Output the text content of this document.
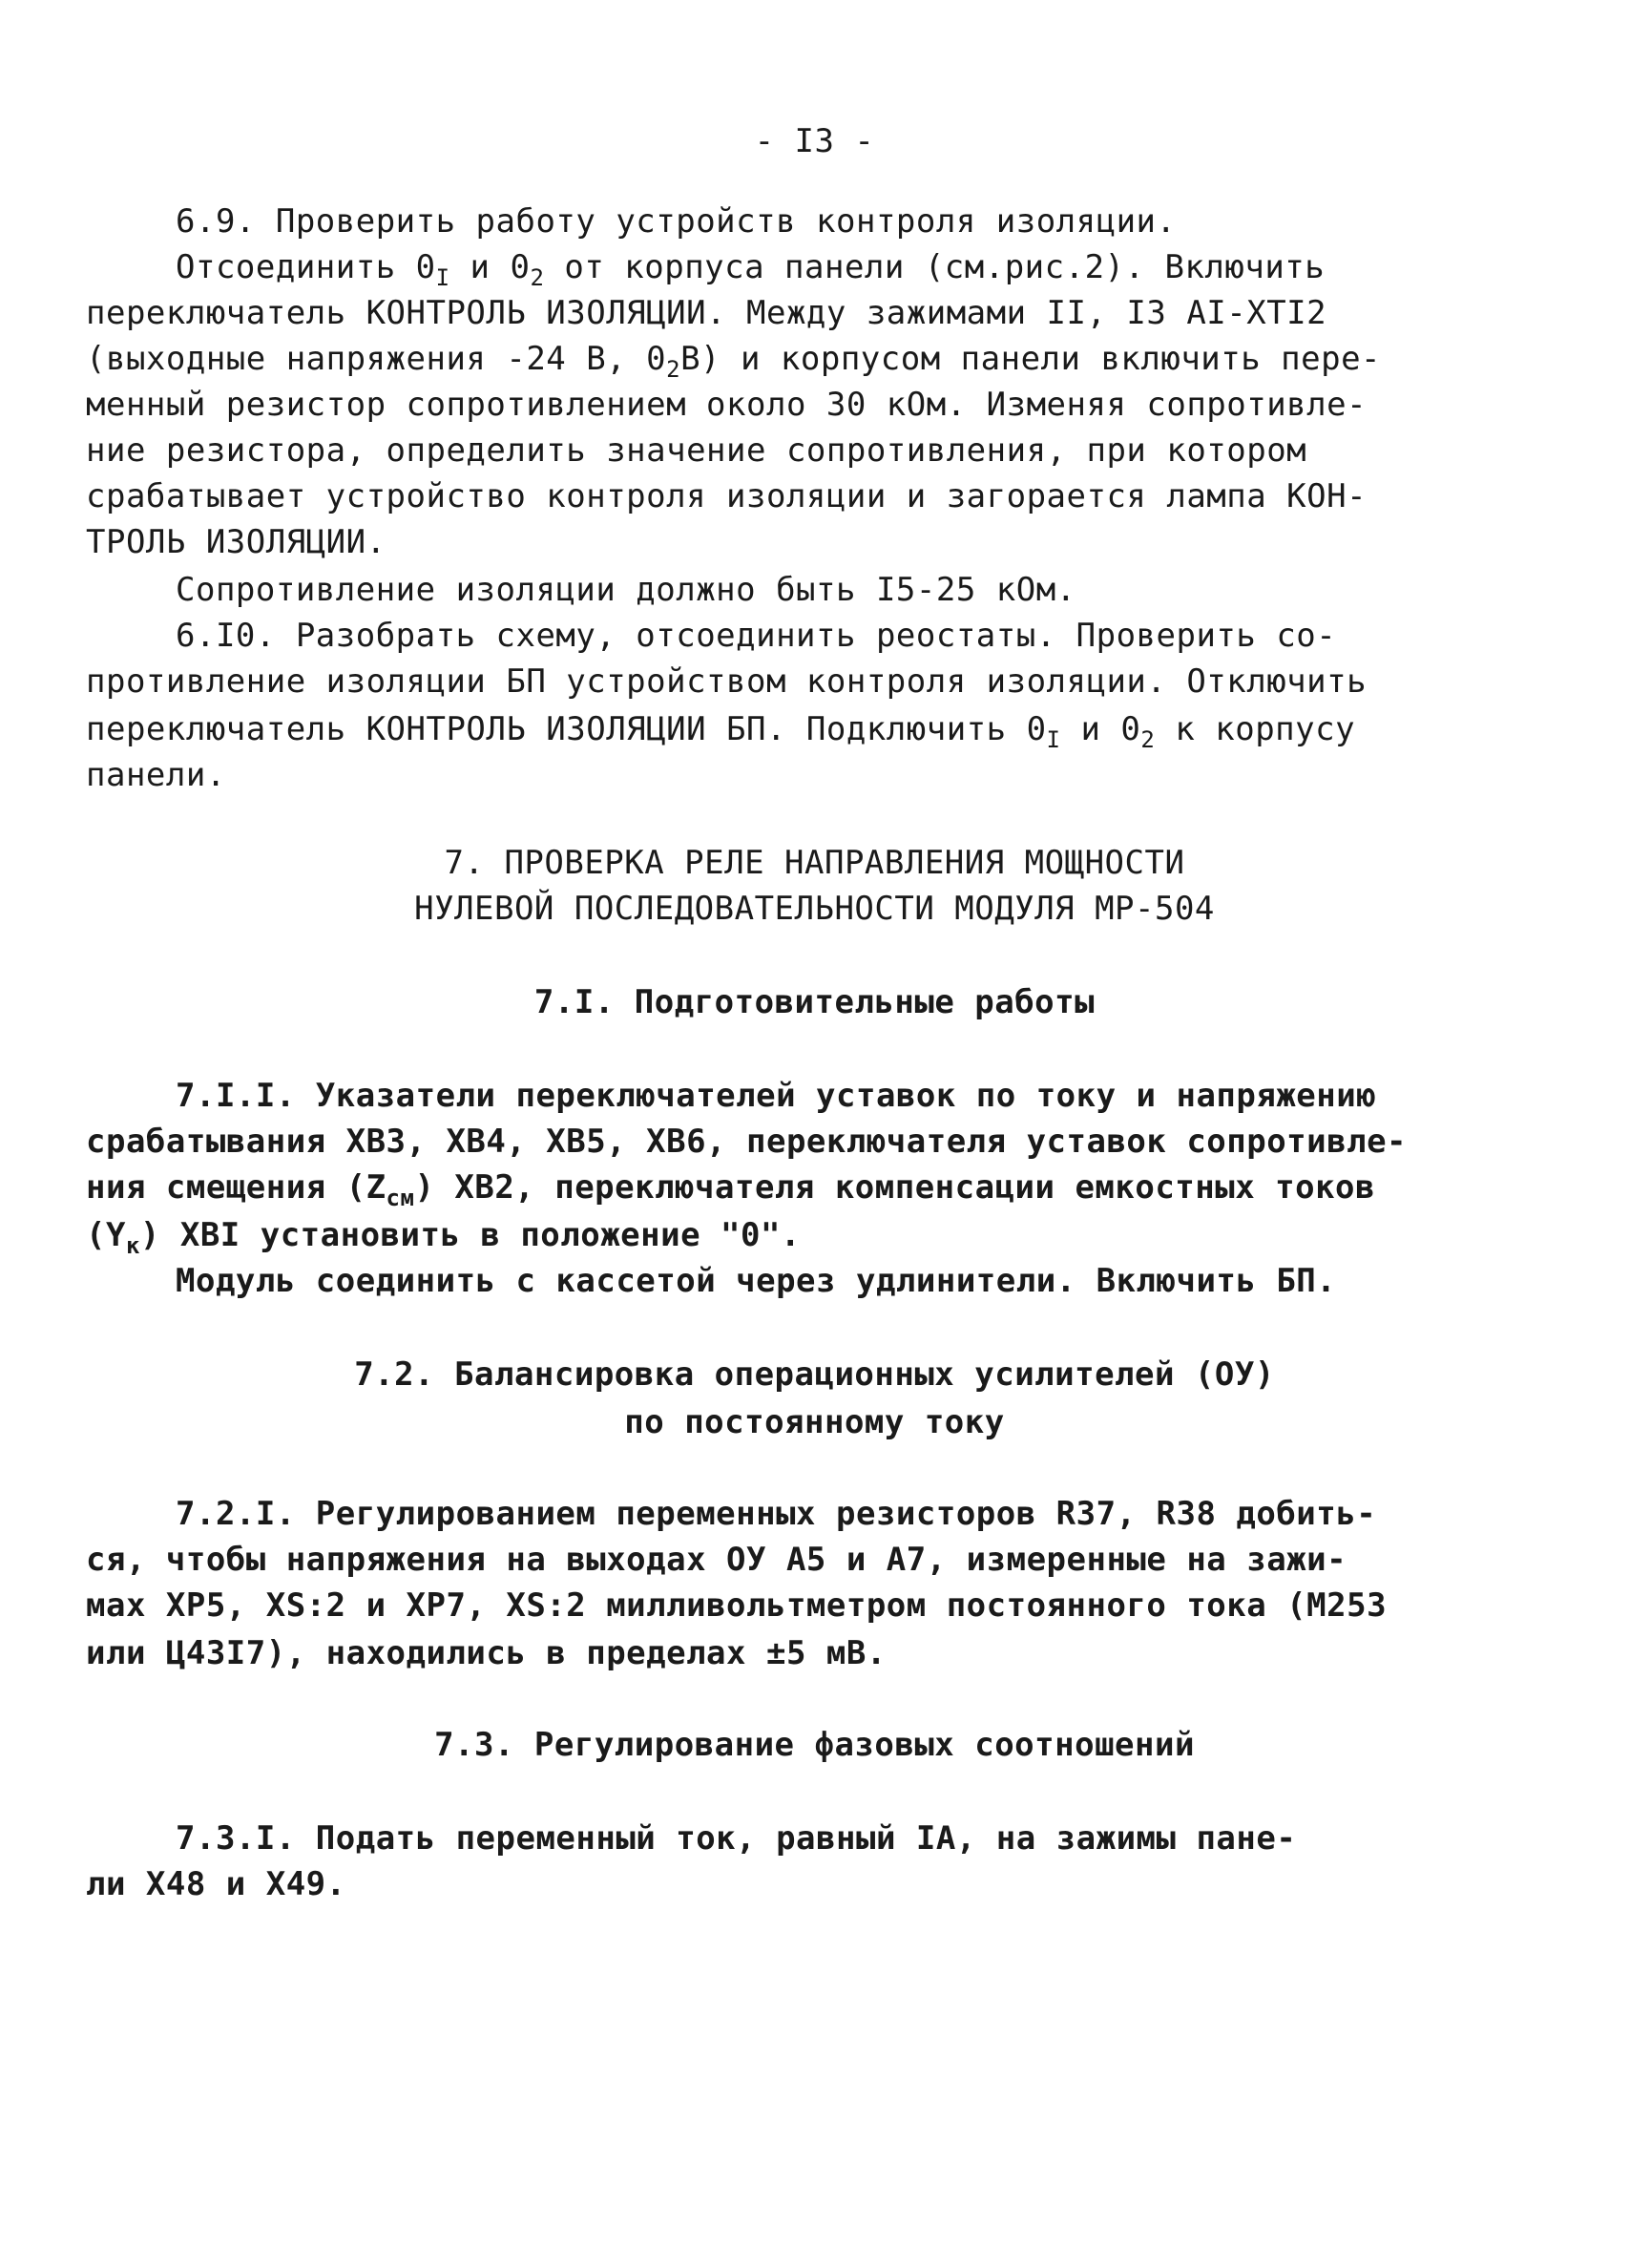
- I3 -
6.9. Проверить работу устройств контроля изоляции.
Отсоединить $0_I$ и $0_2$ от корпуса панели (см.рис.2). Включить
переключатель КОНТРОЛЬ ИЗОЛЯЦИИ. Между зажимами II, I3 AI-XTI2
(выходные напряжения -24 В, $0_2В$) и корпусом панели включить пере-
менный резистор сопротивлением около 30 кОм. Изменяя сопротивле-
ние резистора, определить значение сопротивления, при котором
срабатывает устройство контроля изоляции и загорается лампа КОН-
ТРОЛЬ ИЗОЛЯЦИИ.
Сопротивление изоляции должно быть I5-25 кОм.
6.I0. Разобрать схему, отсоединить реостаты. Проверить со-
противление изоляции БП устройством контроля изоляции. Отключить
переключатель КОНТРОЛЬ ИЗОЛЯЦИИ БП. Подключить $0_I$ и $0_2$ к корпусу
панели.
7. ПРОВЕРКА РЕЛЕ НАПРАВЛЕНИЯ МОЩНОСТИ
НУЛЕВОЙ ПОСЛЕДОВАТЕЛЬНОСТИ МОДУЛЯ МР-504
7.I. Подготовительные работы
7.I.I. Указатели переключателей уставок по току и напряжению
срабатывания ХВЗ, ХВ4, ХВ5, ХВ6, переключателя уставок сопротивле-
ния смещения $(Z_{см})$ ХВ2, переключателя компенсации емкостных токов
$(Y_к)$ ХВI установить в положение "0".
Модуль соединить с кассетой через удлинители. Включить БП.
7.2. Балансировка операционных усилителей (ОУ)
по постоянному току
7.2.I. Регулированием переменных резисторов R37, R38 добить-
ся, чтобы напряжения на выходах ОУ А5 и А7, измеренные на зажи-
мах ХР5, XS:2 и ХР7, XS:2 милливольтметром постоянного тока (М253
или Ц43I7), находились в пределах ±5 мВ.
7.3. Регулирование фазовых соотношений
7.3.I. Подать переменный ток, равный IА, на зажимы пане-
ли Х48 и Х49.
